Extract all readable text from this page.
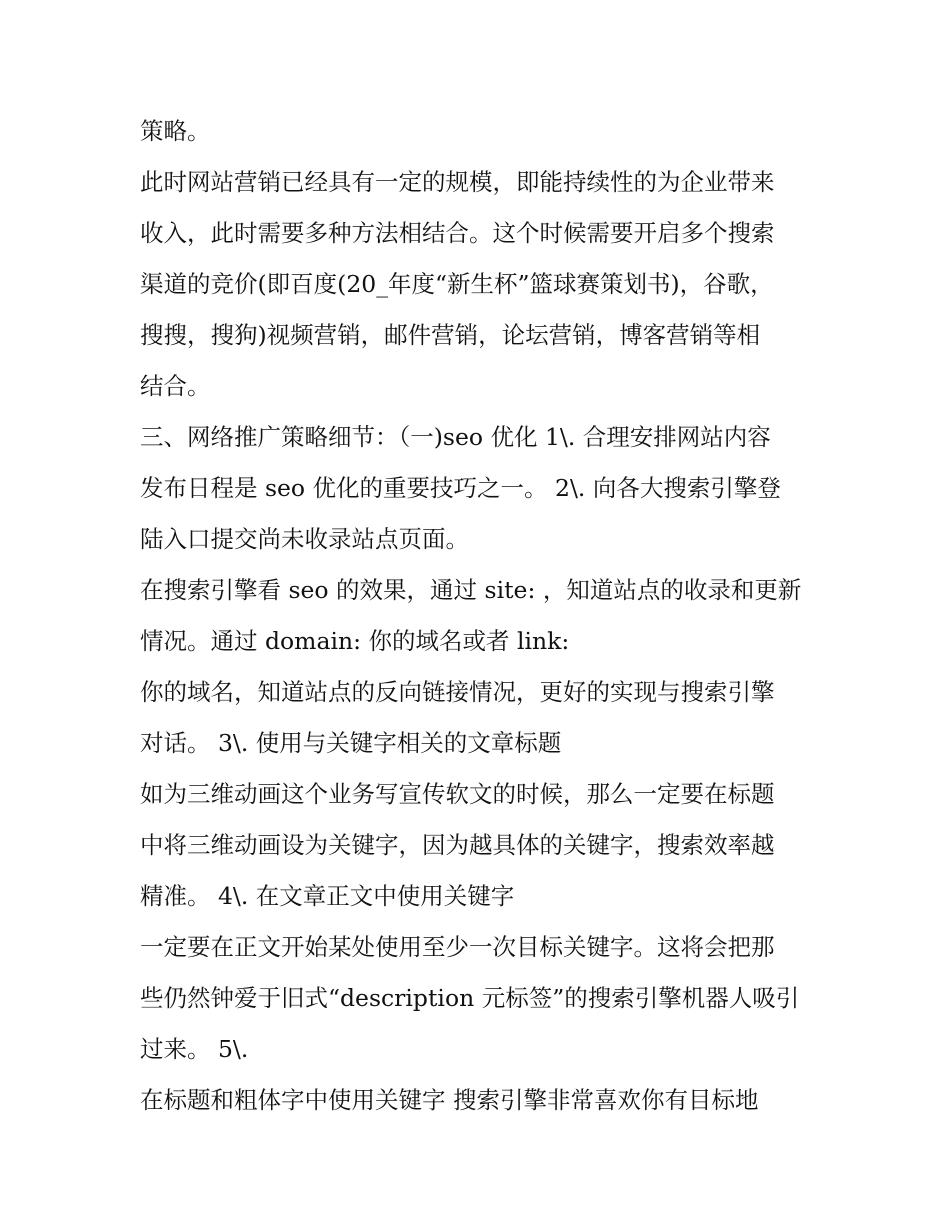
策略。
此时网站营销已经具有一定的规模，即能持续性的为企业带来
收入，此时需要多种方法相结合。这个时候需要开启多个搜索
渠道的竞价(即百度(20_年度“新生杯”篮球赛策划书)，谷歌，
搜搜，搜狗)视频营销，邮件营销，论坛营销，博客营销等相
结合。
三、网络推广策略细节：（一)seo 优化 1\. 合理安排网站内容
发布日程是 seo 优化的重要技巧之一。 2\. 向各大搜索引擎登
陆入口提交尚未收录站点页面。
在搜索引擎看 seo 的效果，通过 site: ，知道站点的收录和更新
情况。通过 domain: 你的域名或者 link:
你的域名，知道站点的反向链接情况，更好的实现与搜索引擎
对话。 3\. 使用与关键字相关的文章标题
如为三维动画这个业务写宣传软文的时候，那么一定要在标题
中将三维动画设为关键字，因为越具体的关键字，搜索效率越
精准。 4\. 在文章正文中使用关键字
一定要在正文开始某处使用至少一次目标关键字。这将会把那
些仍然钟爱于旧式“description 元标签”的搜索引擎机器人吸引
过来。 5\.
在标题和粗体字中使用关键字 搜索引擎非常喜欢你有目标地
